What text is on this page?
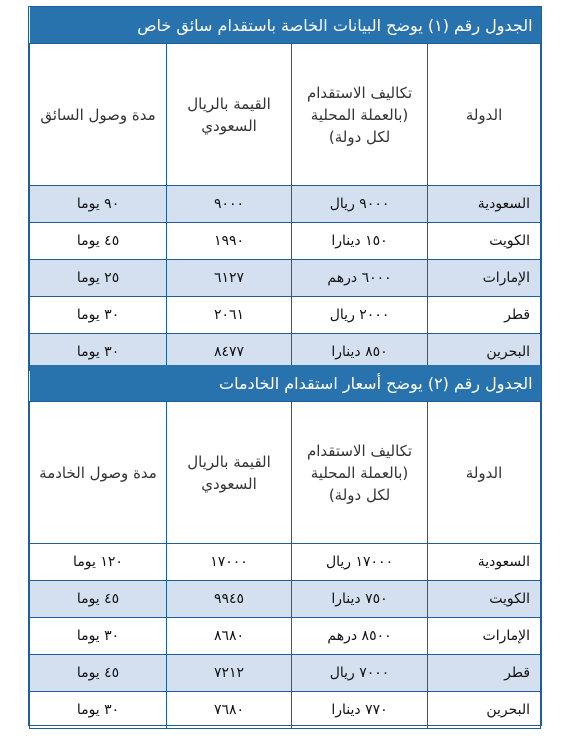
الجدول رقم (١) يوضح البيانات الخاصة باستقدام سائق خاص			
الدولة	تكاليف الاستقدام (بالعملة المحلية لكل دولة)	القيمة بالريال السعودي	مدة وصول السائق
السعودية	٩٠٠٠ ريال	٩٠٠٠	٩٠ يوما
الكويت	١٥٠ دينارا	١٩٩٠	٤٥ يوما
الإمارات	٦٠٠٠ درهم	٦١٢٧	٢٥ يوما
قطر	٢٠٠٠ ريال	٢٠٦١	٣٠ يوما
البحرين	٨٥٠ دينارا	٨٤٧٧	٣٠ يوما
الجدول رقم (٢) يوضح أسعار استقدام الخادمات			
الدولة	تكاليف الاستقدام (بالعملة المحلية لكل دولة)	القيمة بالريال السعودي	مدة وصول الخادمة
السعودية	١٧٠٠٠ ريال	١٧٠٠٠	١٢٠ يوما
الكويت	٧٥٠ دينارا	٩٩٤٥	٤٥ يوما
الإمارات	٨٥٠٠ درهم	٨٦٨٠	٣٠ يوما
قطر	٧٠٠٠ ريال	٧٢١٢	٤٥ يوما
البحرين	٧٧٠ دينارا	٧٦٨٠	٣٠ يوما
